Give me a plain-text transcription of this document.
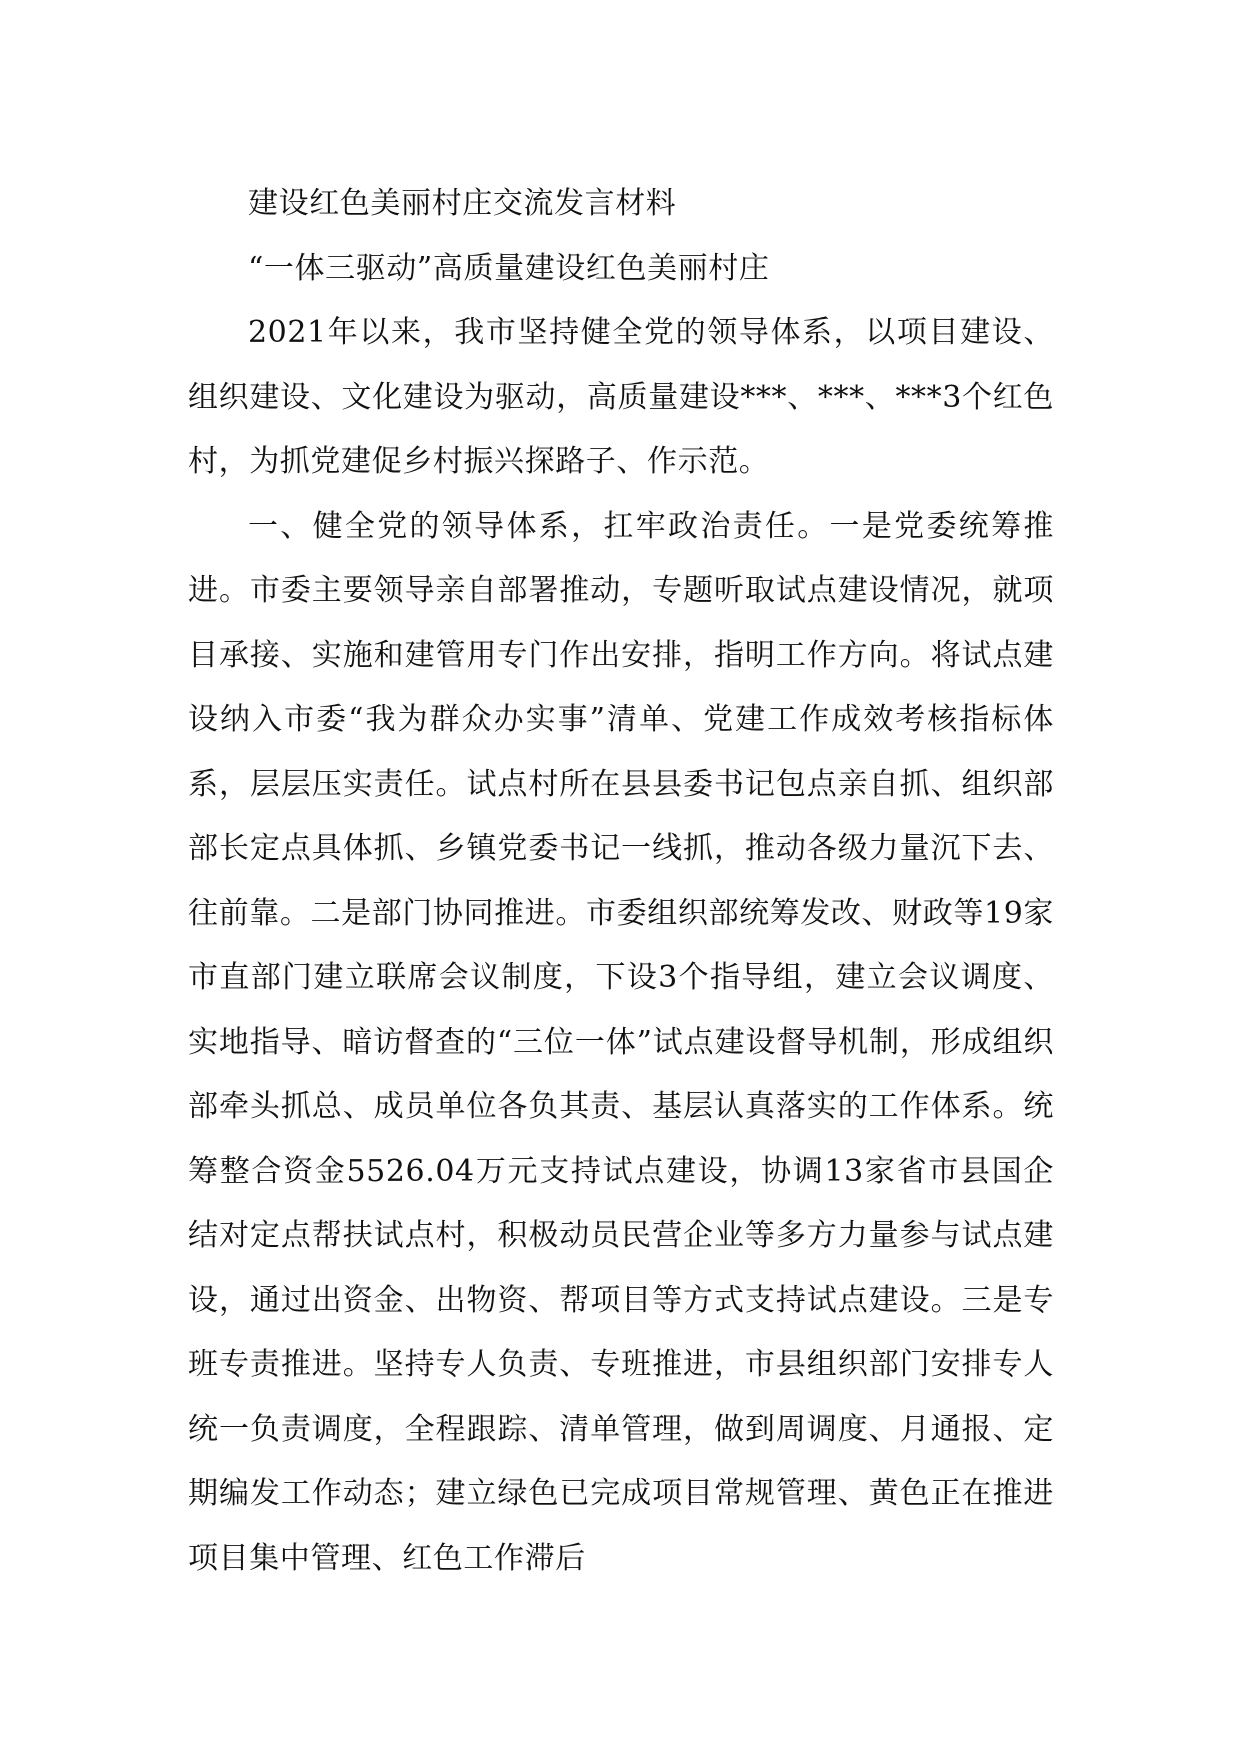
建设红色美丽村庄交流发言材料

“一体三驱动”高质量建设红色美丽村庄

2021年以来，我市坚持健全党的领导体系，以项目建设、组织建设、文化建设为驱动，高质量建设***、***、***3个红色村，为抓党建促乡村振兴探路子、作示范。

一、健全党的领导体系，扛牢政治责任。一是党委统筹推进。市委主要领导亲自部署推动，专题听取试点建设情况，就项目承接、实施和建管用专门作出安排，指明工作方向。将试点建设纳入市委“我为群众办实事”清单、党建工作成效考核指标体系，层层压实责任。试点村所在县县委书记包点亲自抓、组织部部长定点具体抓、乡镇党委书记一线抓，推动各级力量沉下去、往前靠。二是部门协同推进。市委组织部统筹发改、财政等19家市直部门建立联席会议制度，下设3个指导组，建立会议调度、实地指导、暗访督查的“三位一体”试点建设督导机制，形成组织部牵头抓总、成员单位各负其责、基层认真落实的工作体系。统筹整合资金5526.04万元支持试点建设，协调13家省市县国企结对定点帮扶试点村，积极动员民营企业等多方力量参与试点建设，通过出资金、出物资、帮项目等方式支持试点建设。三是专班专责推进。坚持专人负责、专班推进，市县组织部门安排专人统一负责调度，全程跟踪、清单管理，做到周调度、月通报、定期编发工作动态；建立绿色已完成项目常规管理、黄色正在推进项目集中管理、红色工作滞后
